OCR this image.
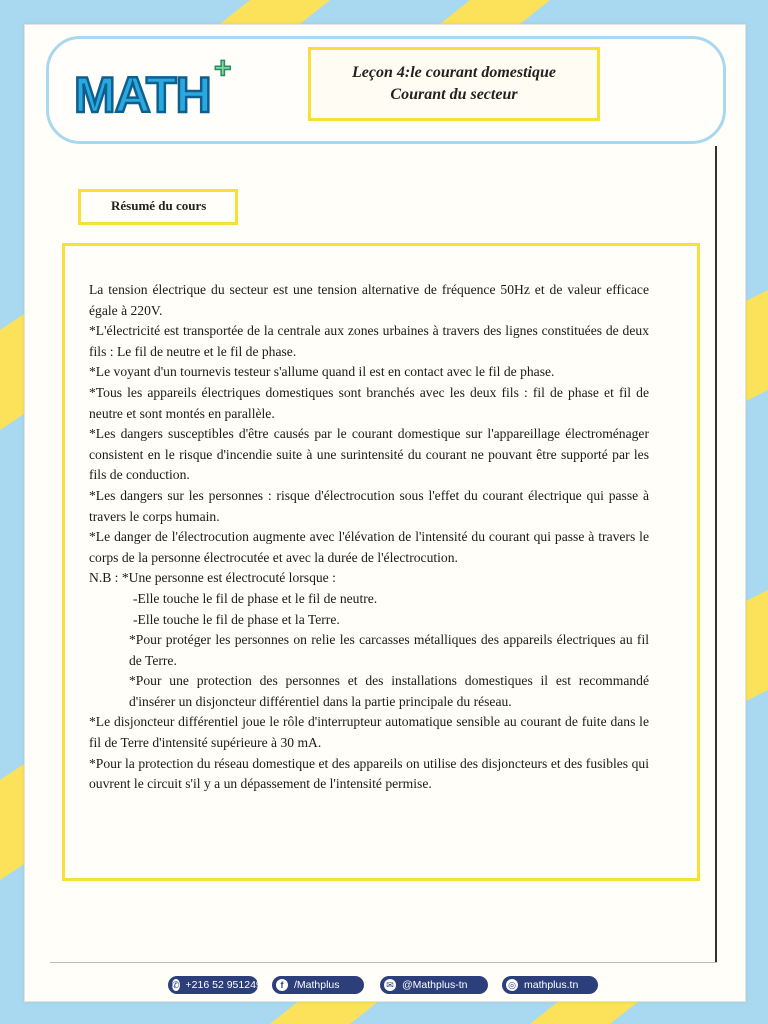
MATH +	Leçon 4:le courant domestique
Courant du secteur
Résumé du cours

La tension électrique du secteur est une tension alternative de fréquence 50Hz et de valeur efficace égale à 220V.

*L'électricité est transportée de la centrale aux zones urbaines à travers des lignes constituées de deux fils : Le fil de neutre et le fil de phase.

*Le voyant d'un tournevis testeur s'allume quand il est en contact avec le fil de phase.

*Tous les appareils électriques domestiques sont branchés avec les deux fils : fil de phase et fil de neutre et sont montés en parallèle.

*Les dangers susceptibles d'être causés par le courant domestique sur l'appareillage électroménager consistent en le risque d'incendie suite à une surintensité du courant ne pouvant être supporté par les fils de conduction.

*Les dangers sur les personnes : risque d'électrocution sous l'effet du courant électrique qui passe à travers le corps humain.

*Le danger de l'électrocution augmente avec l'élévation de l'intensité du courant qui passe à travers le corps de la personne électrocutée et avec la durée de l'électrocution.

N.B : *Une personne est électrocuté lorsque :

-Elle touche le fil de phase et le fil de neutre.

-Elle touche le fil de phase et la Terre.

*Pour protéger les personnes on relie les carcasses métalliques des appareils électriques au fil de Terre.

*Pour une protection des personnes et des installations domestiques il est recommandé d'insérer un disjoncteur différentiel dans la partie principale du réseau.

*Le disjoncteur différentiel joue le rôle d'interrupteur automatique sensible au courant de fuite dans le fil de Terre d'intensité supérieure à 30 mA.

*Pour la protection du réseau domestique et des appareils on utilise des disjoncteurs et des fusibles qui ouvrent le circuit s'il y a un dépassement de l'intensité permise.

✆ +216 52 951249	f	/Mathplus	✉ @Mathplus-tn	◎ mathplus.tn
